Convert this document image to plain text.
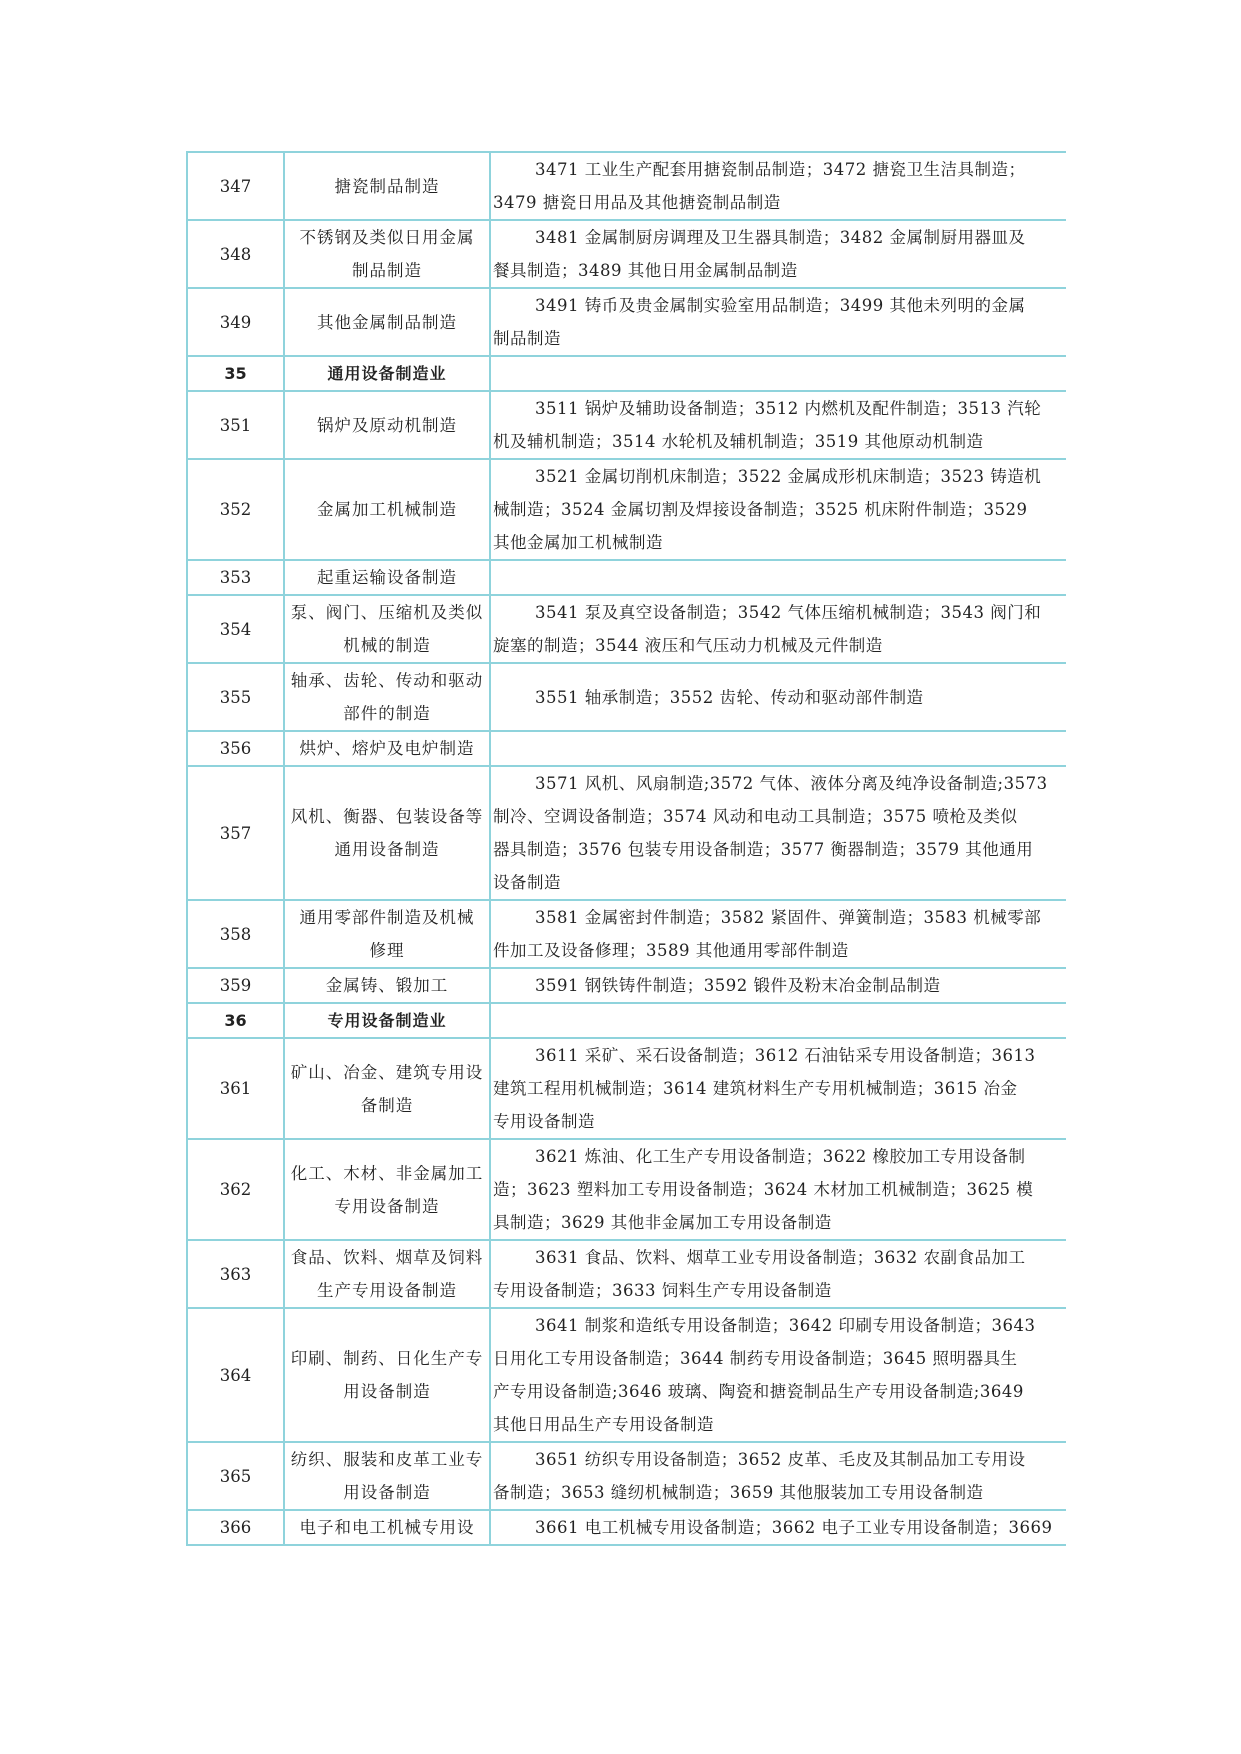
347	搪瓷制品制造	3471 工业生产配套用搪瓷制品制造；3472 搪瓷卫生洁具制造；
3479 搪瓷日用品及其他搪瓷制品制造

348	不锈钢及类似日用金属
制品制造	3481 金属制厨房调理及卫生器具制造；3482 金属制厨用器皿及
餐具制造；3489 其他日用金属制品制造

349	其他金属制品制造	3491 铸币及贵金属制实验室用品制造；3499 其他未列明的金属
制品制造

35	通用设备制造业	

351	锅炉及原动机制造	3511 锅炉及辅助设备制造；3512 内燃机及配件制造；3513 汽轮
机及辅机制造；3514 水轮机及辅机制造；3519 其他原动机制造

352	金属加工机械制造	3521 金属切削机床制造；3522 金属成形机床制造；3523 铸造机
械制造；3524 金属切割及焊接设备制造；3525 机床附件制造；3529
其他金属加工机械制造

353	起重运输设备制造	

354	泵、阀门、压缩机及类似
机械的制造	3541 泵及真空设备制造；3542 气体压缩机械制造；3543 阀门和
旋塞的制造；3544 液压和气压动力机械及元件制造

355	轴承、齿轮、传动和驱动
部件的制造	3551 轴承制造；3552 齿轮、传动和驱动部件制造

356	烘炉、熔炉及电炉制造	

357	风机、衡器、包装设备等
通用设备制造	3571 风机、风扇制造;3572 气体、液体分离及纯净设备制造;3573
制冷、空调设备制造；3574 风动和电动工具制造；3575 喷枪及类似
器具制造；3576 包装专用设备制造；3577 衡器制造；3579 其他通用
设备制造

358	通用零部件制造及机械
修理	3581 金属密封件制造；3582 紧固件、弹簧制造；3583 机械零部
件加工及设备修理；3589 其他通用零部件制造

359	金属铸、锻加工	3591 钢铁铸件制造；3592 锻件及粉末冶金制品制造

36	专用设备制造业	

361	矿山、冶金、建筑专用设
备制造	3611 采矿、采石设备制造；3612 石油钻采专用设备制造；3613
建筑工程用机械制造；3614 建筑材料生产专用机械制造；3615 冶金
专用设备制造

362	化工、木材、非金属加工
专用设备制造	3621 炼油、化工生产专用设备制造；3622 橡胶加工专用设备制
造；3623 塑料加工专用设备制造；3624 木材加工机械制造；3625 模
具制造；3629 其他非金属加工专用设备制造

363	食品、饮料、烟草及饲料
生产专用设备制造	3631 食品、饮料、烟草工业专用设备制造；3632 农副食品加工
专用设备制造；3633 饲料生产专用设备制造

364	印刷、制药、日化生产专
用设备制造	3641 制浆和造纸专用设备制造；3642 印刷专用设备制造；3643
日用化工专用设备制造；3644 制药专用设备制造；3645 照明器具生
产专用设备制造;3646 玻璃、陶瓷和搪瓷制品生产专用设备制造;3649
其他日用品生产专用设备制造

365	纺织、服装和皮革工业专
用设备制造	3651 纺织专用设备制造；3652 皮革、毛皮及其制品加工专用设
备制造；3653 缝纫机械制造；3659 其他服装加工专用设备制造

366	电子和电工机械专用设	3661 电工机械专用设备制造；3662 电子工业专用设备制造；3669
